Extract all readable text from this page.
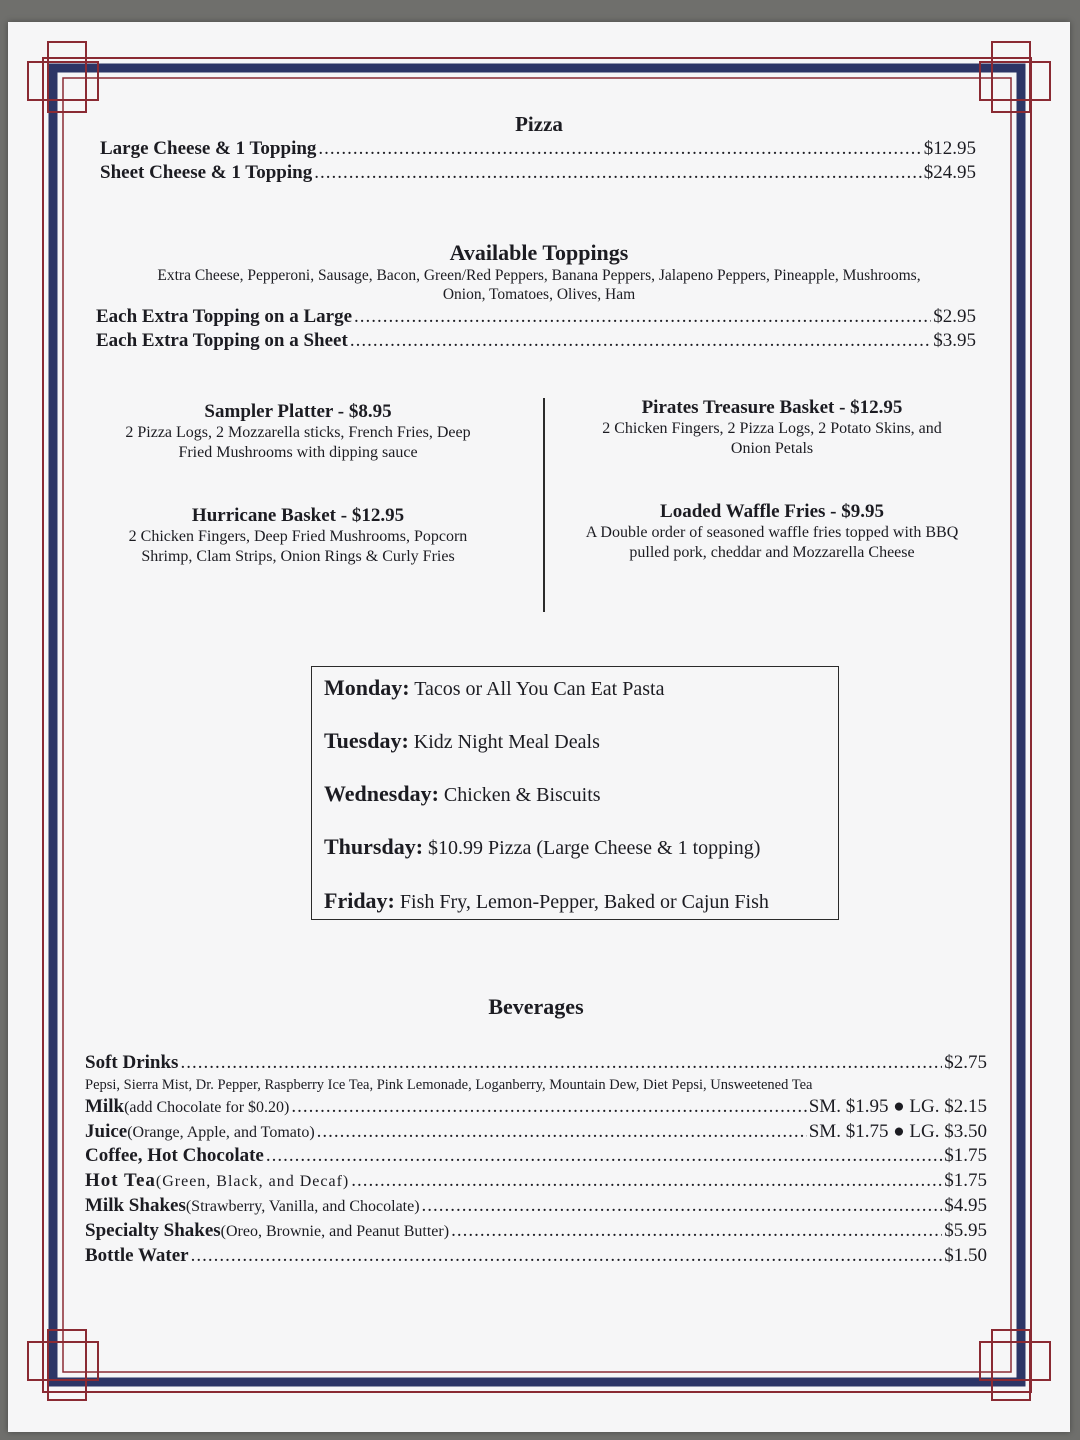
Pizza
Large Cheese & 1 Topping .....	$12.95
Sheet Cheese & 1 Topping .....	$24.95
Available Toppings
Extra Cheese, Pepperoni, Sausage, Bacon, Green/Red Peppers, Banana Peppers, Jalapeno Peppers, Pineapple, Mushrooms,
Onion, Tomatoes, Olives, Ham
Each Extra Topping on a Large .....	$2.95
Each Extra Topping on a Sheet .....	$3.95
Sampler Platter - $8.95
2 Pizza Logs, 2 Mozzarella sticks, French Fries, Deep
Fried Mushrooms with dipping sauce
Pirates Treasure Basket - $12.95
2 Chicken Fingers, 2 Pizza Logs, 2 Potato Skins, and
Onion Petals
Hurricane Basket - $12.95
2 Chicken Fingers, Deep Fried Mushrooms, Popcorn
Shrimp, Clam Strips, Onion Rings & Curly Fries
Loaded Waffle Fries - $9.95
A Double order of seasoned waffle fries topped with BBQ
pulled pork, cheddar and Mozzarella Cheese
Monday: Tacos or All You Can Eat Pasta
Tuesday: Kidz Night Meal Deals
Wednesday: Chicken & Biscuits
Thursday: $10.99 Pizza (Large Cheese & 1 topping)
Friday: Fish Fry, Lemon-Pepper, Baked or Cajun Fish
Beverages
Soft Drinks .....	$2.75
Pepsi, Sierra Mist, Dr. Pepper, Raspberry Ice Tea, Pink Lemonade, Loganberry, Mountain Dew, Diet Pepsi, Unsweetened Tea
Milk (add Chocolate for $0.20) .....	SM. $1.95 ● LG. $2.15
Juice (Orange, Apple, and Tomato) .....	SM. $1.75 ● LG. $3.50
Coffee, Hot Chocolate .....	$1.75
Hot Tea (Green, Black, and Decaf) .....	$1.75
Milk Shakes (Strawberry, Vanilla, and Chocolate) .....	$4.95
Specialty Shakes (Oreo, Brownie, and Peanut Butter) .....	$5.95
Bottle Water .....	$1.50
